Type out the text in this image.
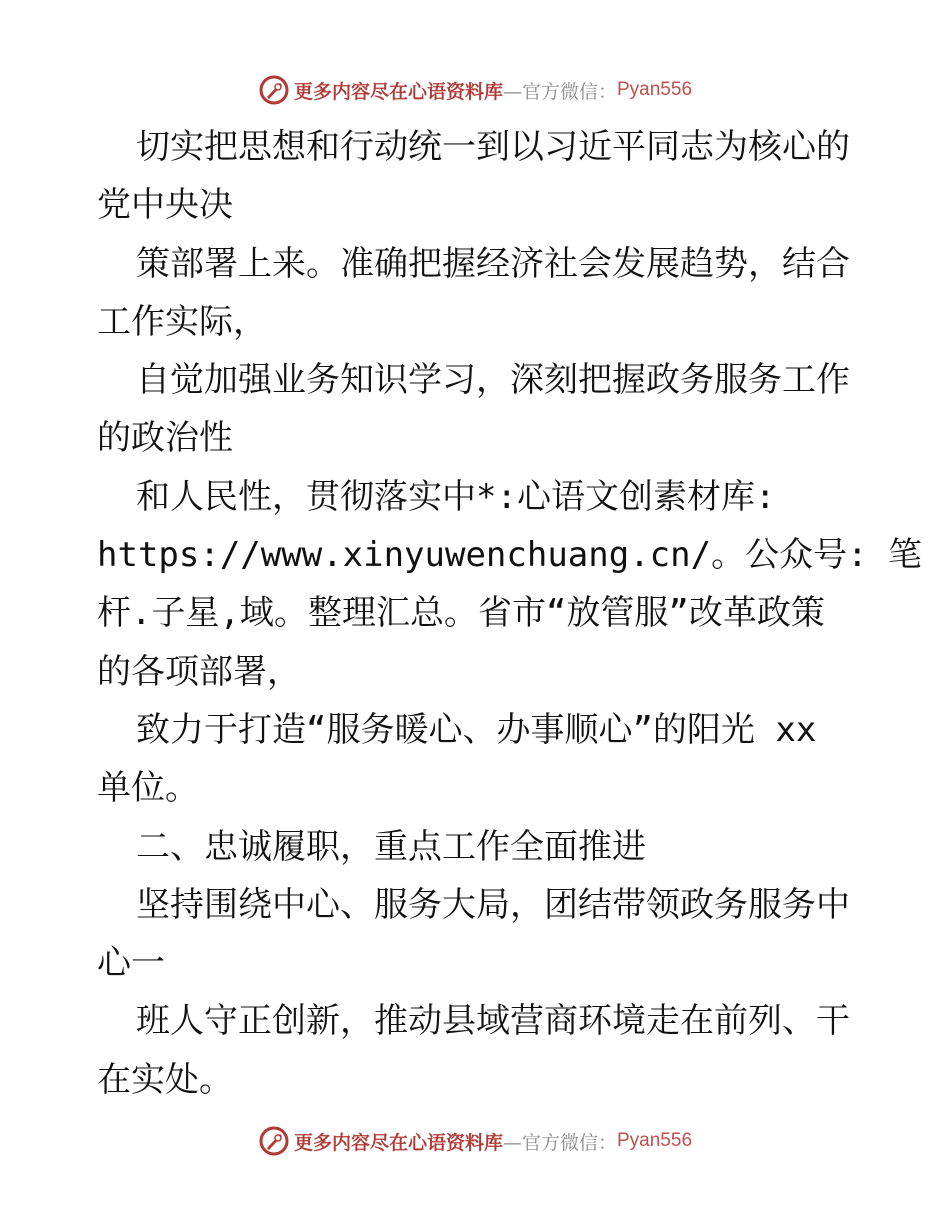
更多内容尽在心语资料库 —官方微信： Pyan556
切实把思想和行动统一到以习近平同志为核心的
党中央决
策部署上来。准确把握经济社会发展趋势，结合
工作实际，
自觉加强业务知识学习，深刻把握政务服务工作
的政治性
和人民性，贯彻落实中*:心语文创素材库:
https://www.xinyuwenchuang.cn/。公众号: 笔
杆.子星,域。整理汇总。省市“放管服”改革政策
的各项部署，
致力于打造“服务暖心、办事顺心”的阳光 xx
单位。
二、忠诚履职，重点工作全面推进
坚持围绕中心、服务大局，团结带领政务服务中
心一
班人守正创新，推动县域营商环境走在前列、干
在实处。
更多内容尽在心语资料库 —官方微信： Pyan556
